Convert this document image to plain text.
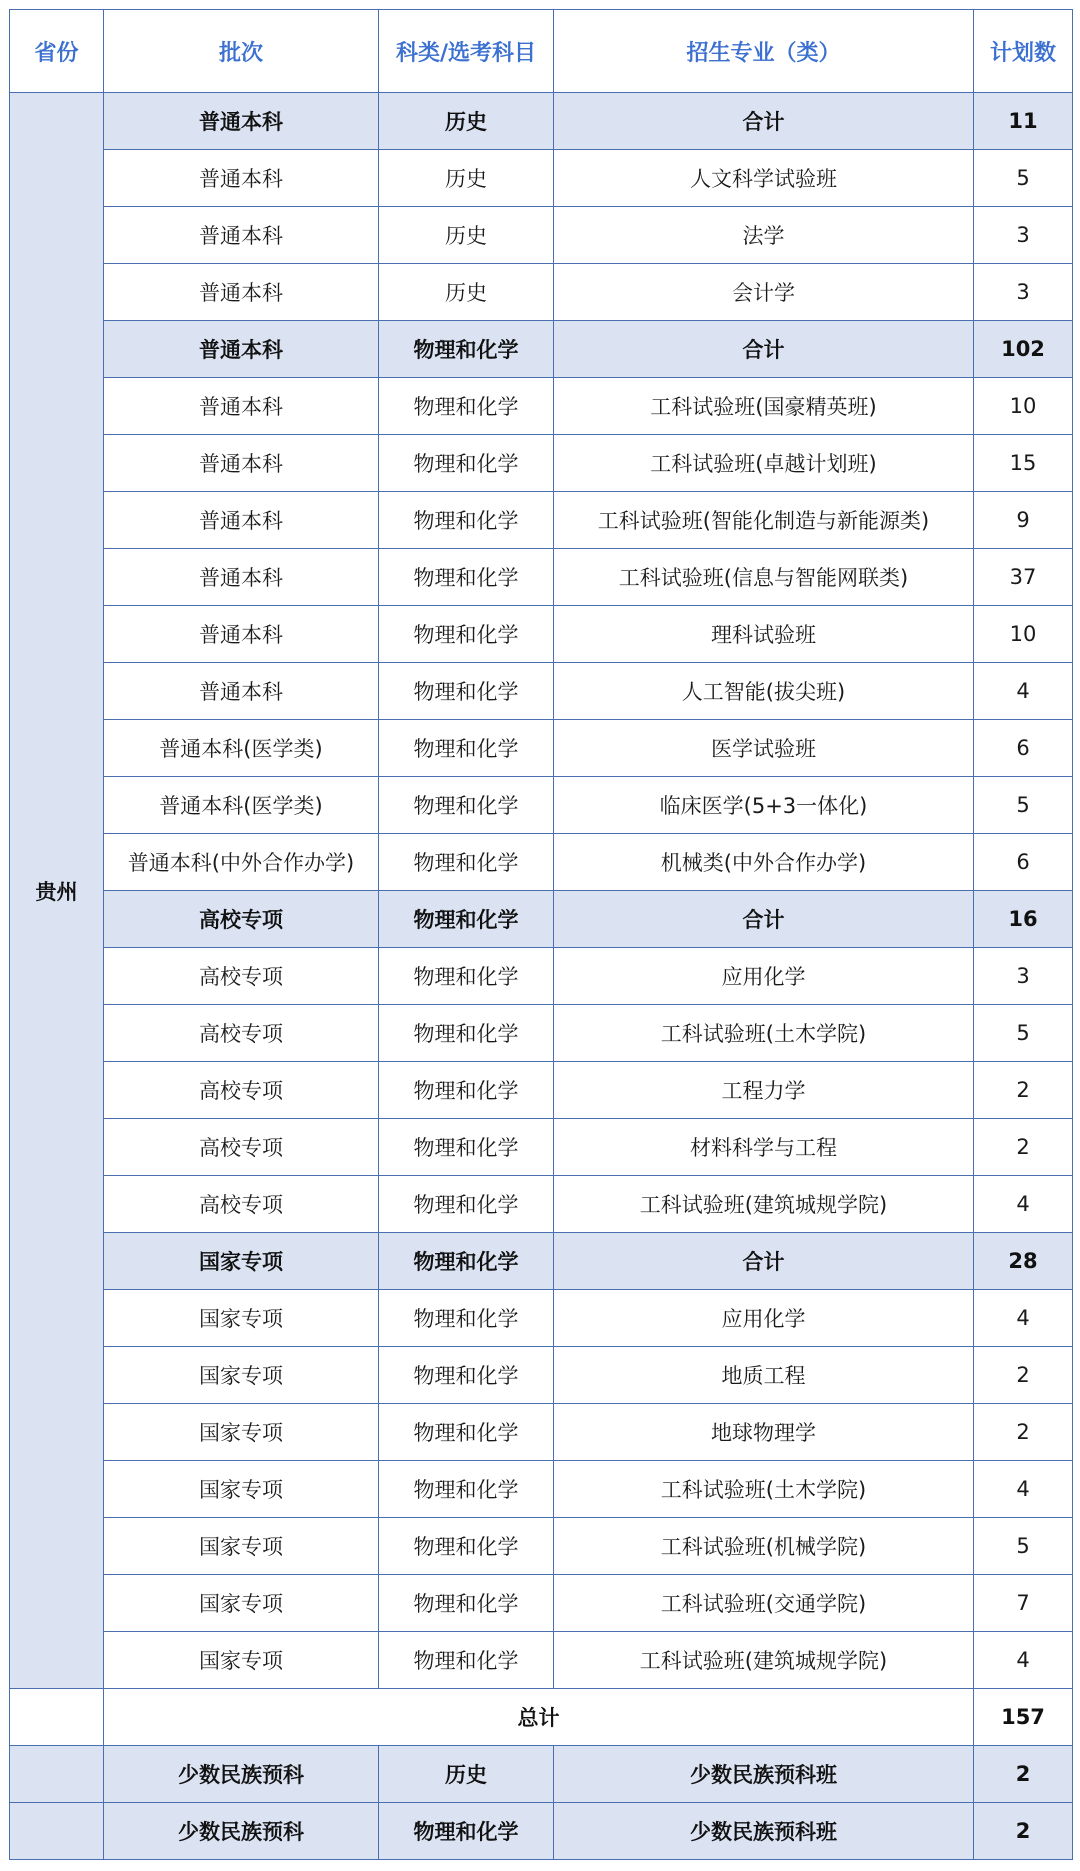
省份	批次	科类/选考科目	招生专业（类）	计划数
贵州	普通本科	历史	合计	11
	普通本科	历史	人文科学试验班	5
	普通本科	历史	法学	3
	普通本科	历史	会计学	3
	普通本科	物理和化学	合计	102
	普通本科	物理和化学	工科试验班(国豪精英班)	10
	普通本科	物理和化学	工科试验班(卓越计划班)	15
	普通本科	物理和化学	工科试验班(智能化制造与新能源类)	9
	普通本科	物理和化学	工科试验班(信息与智能网联类)	37
	普通本科	物理和化学	理科试验班	10
	普通本科	物理和化学	人工智能(拔尖班)	4
	普通本科(医学类)	物理和化学	医学试验班	6
	普通本科(医学类)	物理和化学	临床医学(5+3一体化)	5
	普通本科(中外合作办学)	物理和化学	机械类(中外合作办学)	6
	高校专项	物理和化学	合计	16
	高校专项	物理和化学	应用化学	3
	高校专项	物理和化学	工科试验班(土木学院)	5
	高校专项	物理和化学	工程力学	2
	高校专项	物理和化学	材料科学与工程	2
	高校专项	物理和化学	工科试验班(建筑城规学院)	4
	国家专项	物理和化学	合计	28
	国家专项	物理和化学	应用化学	4
	国家专项	物理和化学	地质工程	2
	国家专项	物理和化学	地球物理学	2
	国家专项	物理和化学	工科试验班(土木学院)	4
	国家专项	物理和化学	工科试验班(机械学院)	5
	国家专项	物理和化学	工科试验班(交通学院)	7
	国家专项	物理和化学	工科试验班(建筑城规学院)	4
	总计			157
	少数民族预科	历史	少数民族预科班	2
	少数民族预科	物理和化学	少数民族预科班	2
